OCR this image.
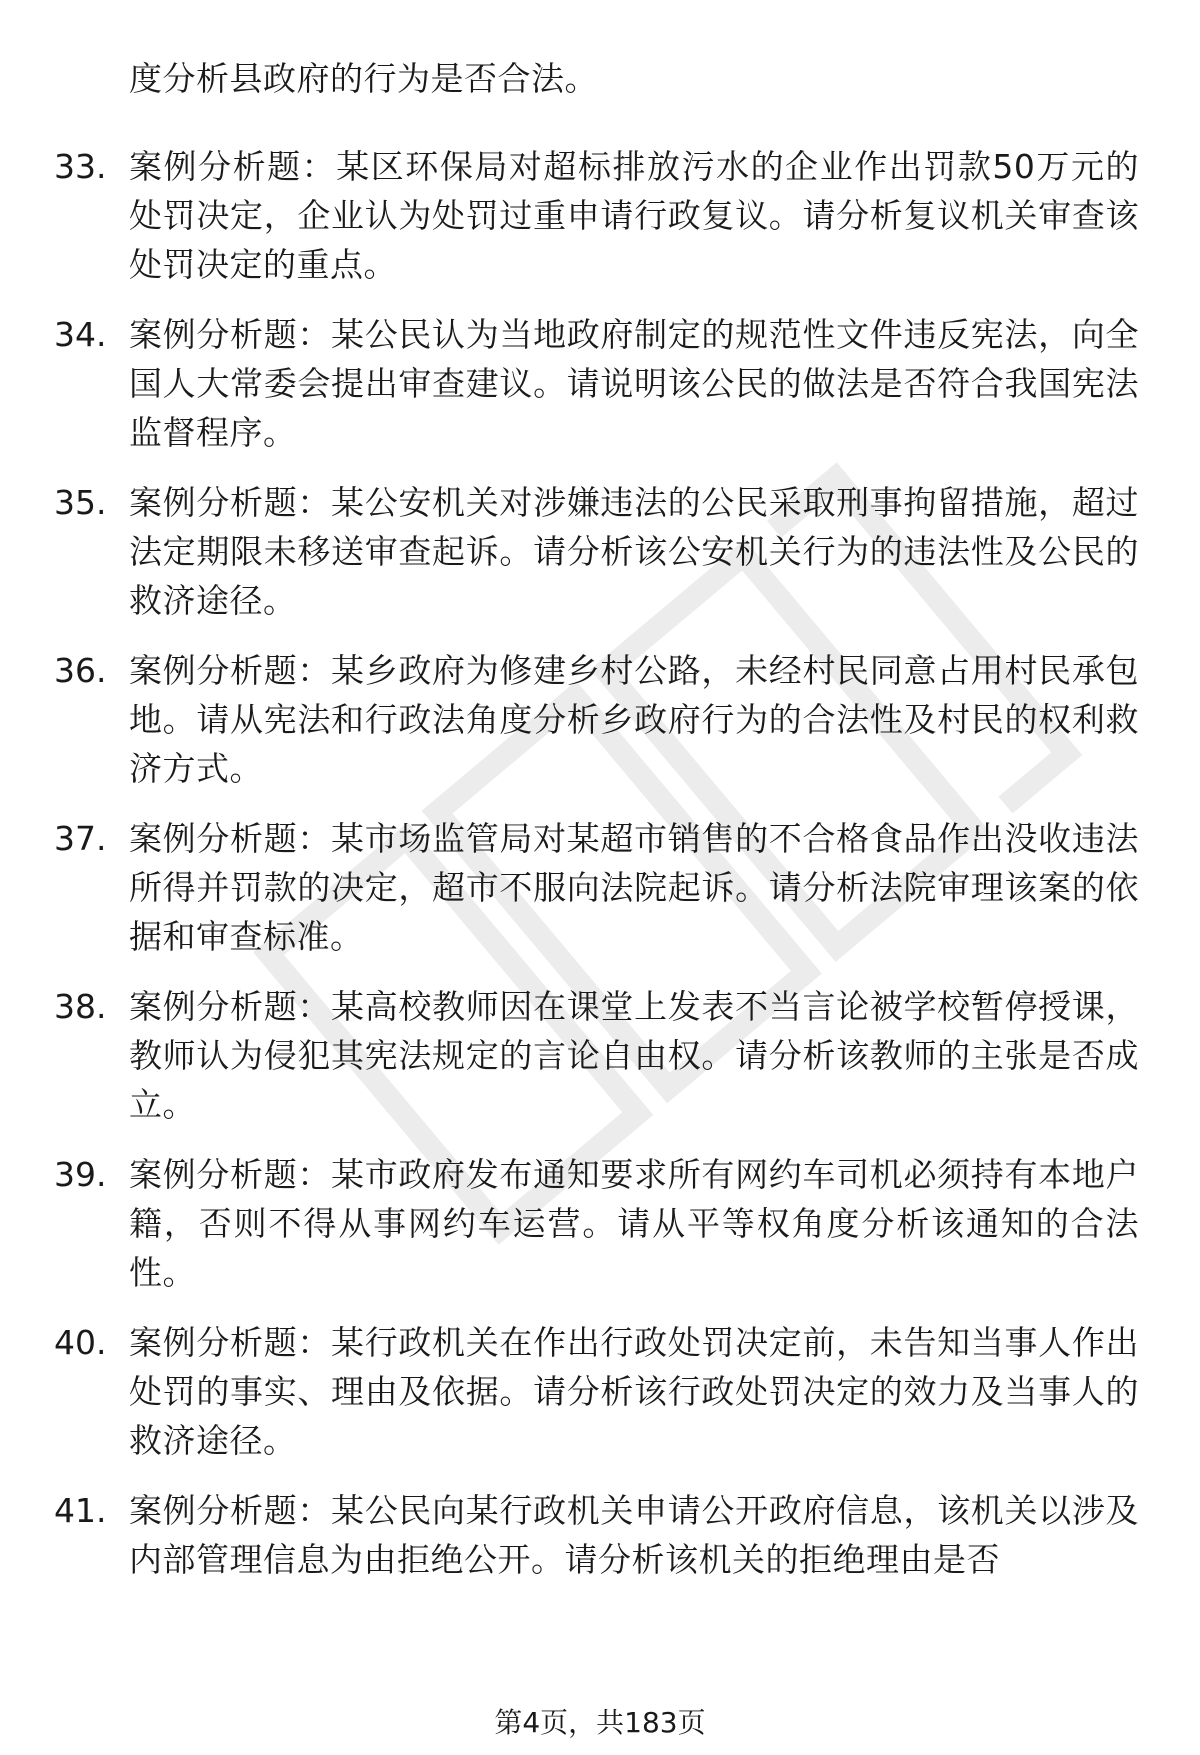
度分析县政府的行为是否合法。
33. 案例分析题：某区环保局对超标排放污水的企业作出罚款50万元的处罚决定，企业认为处罚过重申请行政复议。请分析复议机关审查该处罚决定的重点。
34. 案例分析题：某公民认为当地政府制定的规范性文件违反宪法，向全国人大常委会提出审查建议。请说明该公民的做法是否符合我国宪法监督程序。
35. 案例分析题：某公安机关对涉嫌违法的公民采取刑事拘留措施，超过法定期限未移送审查起诉。请分析该公安机关行为的违法性及公民的救济途径。
36. 案例分析题：某乡政府为修建乡村公路，未经村民同意占用村民承包地。请从宪法和行政法角度分析乡政府行为的合法性及村民的权利救济方式。
37. 案例分析题：某市场监管局对某超市销售的不合格食品作出没收违法所得并罚款的决定，超市不服向法院起诉。请分析法院审理该案的依据和审查标准。
38. 案例分析题：某高校教师因在课堂上发表不当言论被学校暂停授课，教师认为侵犯其宪法规定的言论自由权。请分析该教师的主张是否成立。
39. 案例分析题：某市政府发布通知要求所有网约车司机必须持有本地户籍，否则不得从事网约车运营。请从平等权角度分析该通知的合法性。
40. 案例分析题：某行政机关在作出行政处罚决定前，未告知当事人作出处罚的事实、理由及依据。请分析该行政处罚决定的效力及当事人的救济途径。
41. 案例分析题：某公民向某行政机关申请公开政府信息，该机关以涉及内部管理信息为由拒绝公开。请分析该机关的拒绝理由是否
第4页，共183页
